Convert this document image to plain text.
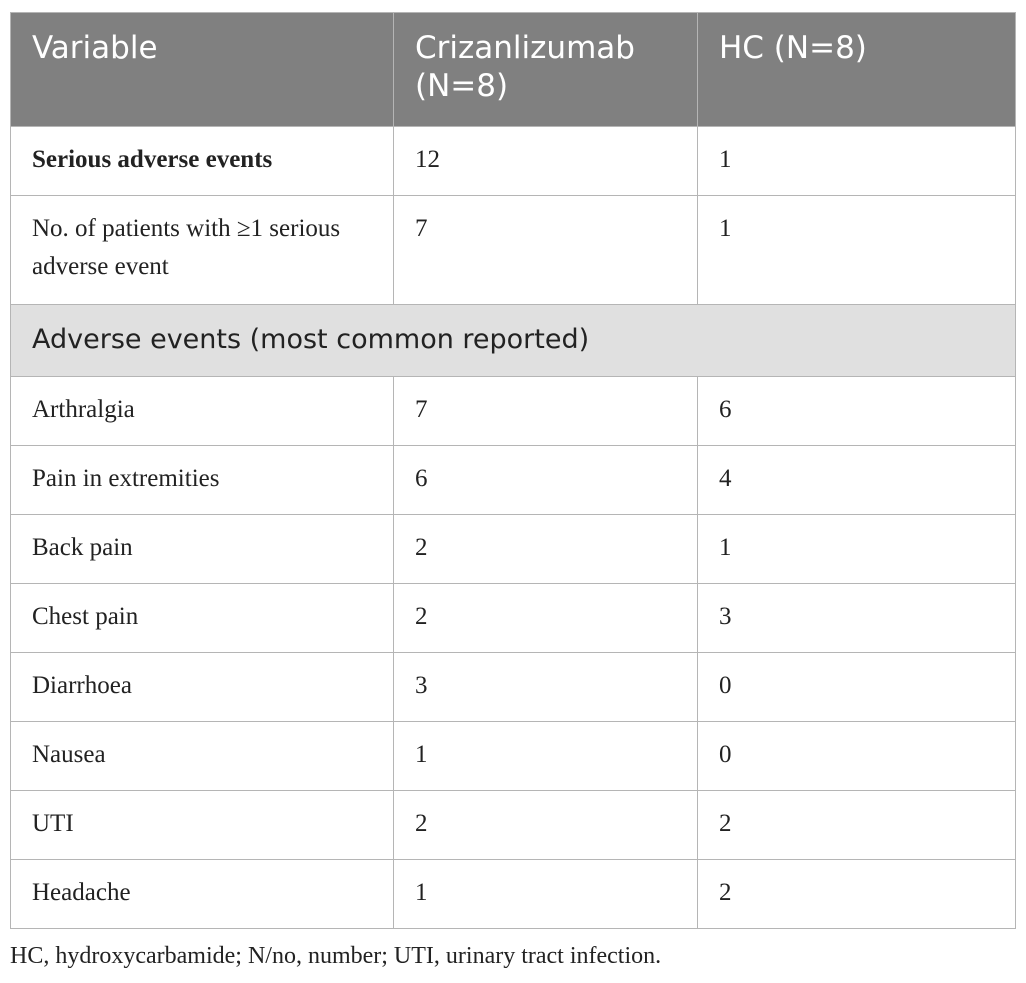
Variable	Crizanlizumab (N=8)	HC (N=8)
Serious adverse events	12	1
No. of patients with ≥1 serious adverse event	7	1
Adverse events (most common reported)		
Arthralgia	7	6
Pain in extremities	6	4
Back pain	2	1
Chest pain	2	3
Diarrhoea	3	0
Nausea	1	0
UTI	2	2
Headache	1	2
HC, hydroxycarbamide; N/no, number; UTI, urinary tract infection.
